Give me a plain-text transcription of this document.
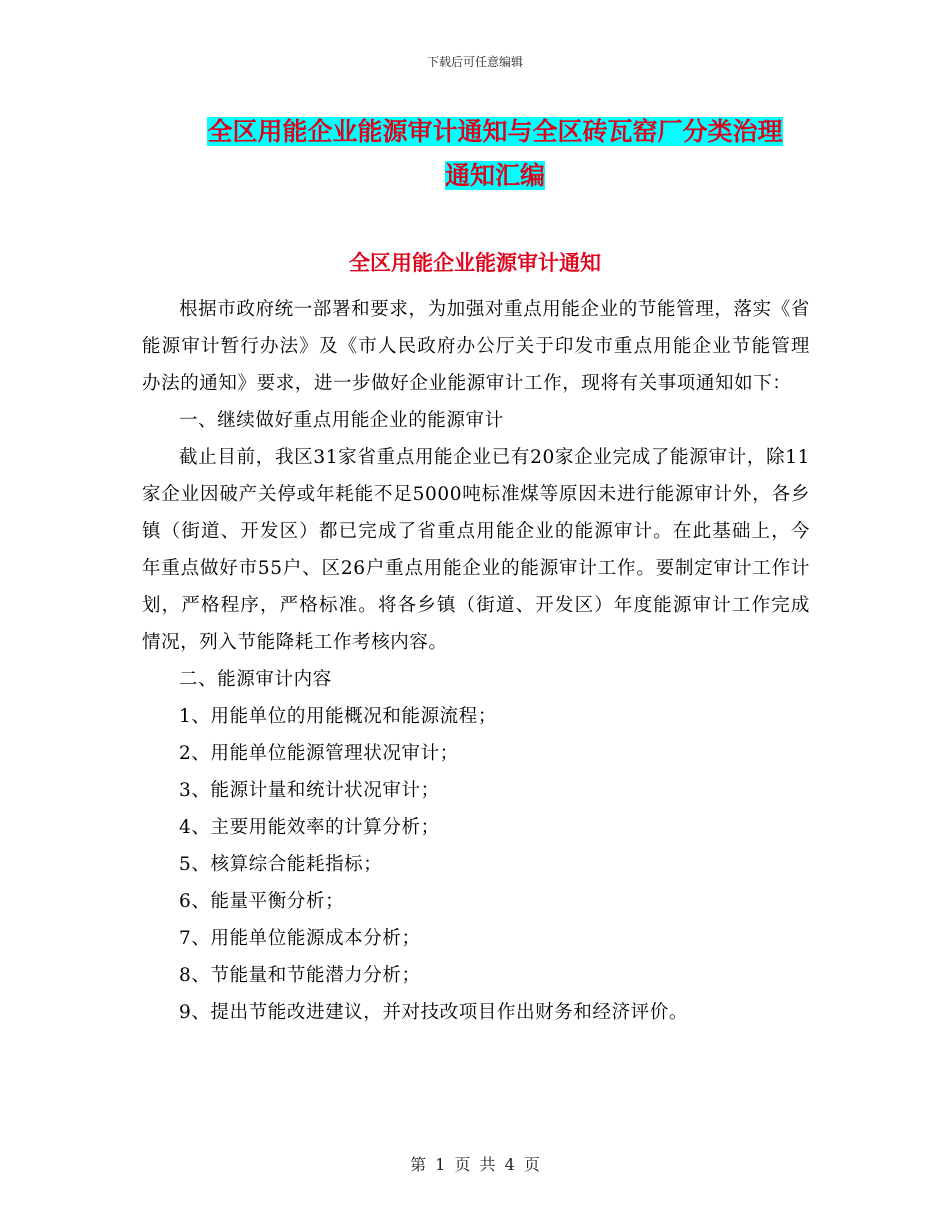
下载后可任意编辑
全区用能企业能源审计通知与全区砖瓦窑厂分类治理
通知汇编
全区用能企业能源审计通知

根据市政府统一部署和要求，为加强对重点用能企业的节能管理，落实《省能源审计暂行办法》及《市人民政府办公厅关于印发市重点用能企业节能管理办法的通知》要求，进一步做好企业能源审计工作，现将有关事项通知如下：

一、继续做好重点用能企业的能源审计

截止目前，我区31家省重点用能企业已有20家企业完成了能源审计，除11家企业因破产关停或年耗能不足5000吨标准煤等原因未进行能源审计外，各乡镇（街道、开发区）都已完成了省重点用能企业的能源审计。在此基础上，今年重点做好市55户、区26户重点用能企业的能源审计工作。要制定审计工作计划，严格程序，严格标准。将各乡镇（街道、开发区）年度能源审计工作完成情况，列入节能降耗工作考核内容。

二、能源审计内容

1、用能单位的用能概况和能源流程；

2、用能单位能源管理状况审计；

3、能源计量和统计状况审计；

4、主要用能效率的计算分析；

5、核算综合能耗指标；

6、能量平衡分析；

7、用能单位能源成本分析；

8、节能量和节能潜力分析；

9、提出节能改进建议，并对技改项目作出财务和经济评价。

第 1 页 共 4 页
